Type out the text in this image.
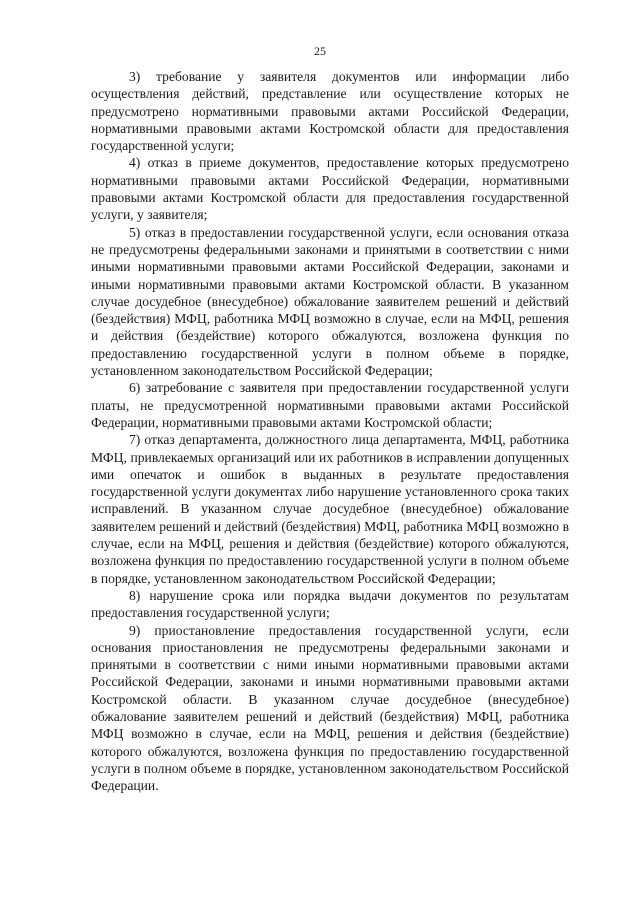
25

3) требование у заявителя документов или информации либо осуществления действий, представление или осуществление которых не предусмотрено нормативными правовыми актами Российской Федерации, нормативными правовыми актами Костромской области для предоставления государственной услуги;

4) отказ в приеме документов, предоставление которых предусмотрено нормативными правовыми актами Российской Федерации, нормативными правовыми актами Костромской области для предоставления государственной услуги, у заявителя;

5) отказ в предоставлении государственной услуги, если основания отказа не предусмотрены федеральными законами и принятыми в соответствии с ними иными нормативными правовыми актами Российской Федерации, законами и иными нормативными правовыми актами Костромской области. В указанном случае досудебное (внесудебное) обжалование заявителем решений и действий (бездействия) МФЦ, работника МФЦ возможно в случае, если на МФЦ, решения и действия (бездействие) которого обжалуются, возложена функция по предоставлению государственной услуги в полном объеме в порядке, установленном законодательством Российской Федерации;

6) затребование с заявителя при предоставлении государственной услуги платы, не предусмотренной нормативными правовыми актами Российской Федерации, нормативными правовыми актами Костромской области;

7) отказ департамента, должностного лица департамента, МФЦ, работника МФЦ, привлекаемых организаций или их работников в исправлении допущенных ими опечаток и ошибок в выданных в результате предоставления государственной услуги документах либо нарушение установленного срока таких исправлений. В указанном случае досудебное (внесудебное) обжалование заявителем решений и действий (бездействия) МФЦ, работника МФЦ возможно в случае, если на МФЦ, решения и действия (бездействие) которого обжалуются, возложена функция по предоставлению государственной услуги в полном объеме в порядке, установленном законодательством Российской Федерации;

8) нарушение срока или порядка выдачи документов по результатам предоставления государственной услуги;

9) приостановление предоставления государственной услуги, если основания приостановления не предусмотрены федеральными законами и принятыми в соответствии с ними иными нормативными правовыми актами Российской Федерации, законами и иными нормативными правовыми актами Костромской области. В указанном случае досудебное (внесудебное) обжалование заявителем решений и действий (бездействия) МФЦ, работника МФЦ возможно в случае, если на МФЦ, решения и действия (бездействие) которого обжалуются, возложена функция по предоставлению государственной услуги в полном объеме в порядке, установленном законодательством Российской Федерации.
